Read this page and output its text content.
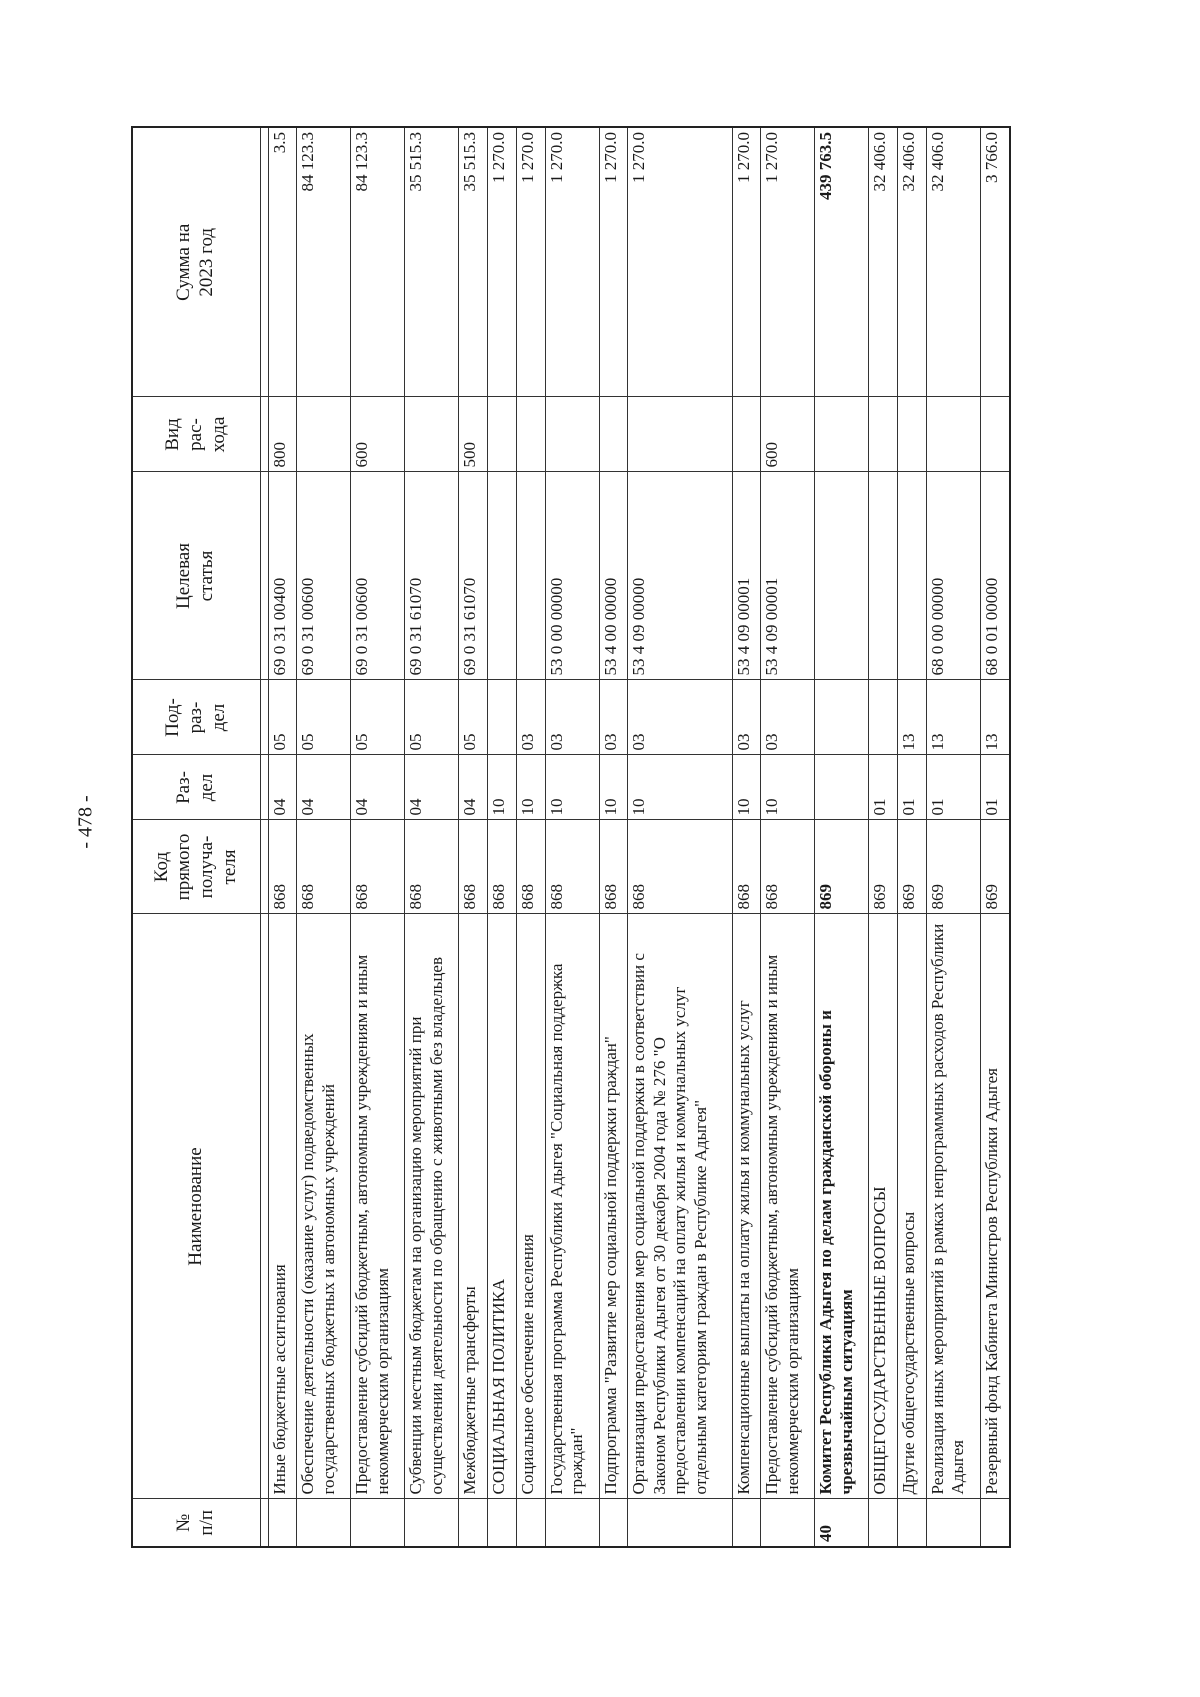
- 478 -
№ п/п	Наименование	Код прямого получа- теля	Раз- дел	Под- раз- дел	Целевая статья	Вид рас- хода	Сумма на 2023 год

	Иные бюджетные ассигнования	868	04	05	69 0 31 00400	800	3.5
	Обеспечение деятельности (оказание услуг) подведомственных государственных бюджетных и автономных учреждений	868	04	05	69 0 31 00600		84 123.3
	Предоставление субсидий бюджетным, автономным учреждениям и иным некоммерческим организациям	868	04	05	69 0 31 00600	600	84 123.3
	Субвенции местным бюджетам на организацию мероприятий при осуществлении деятельности по обращению с животными без владельцев	868	04	05	69 0 31 61070		35 515.3
	Межбюджетные трансферты	868	04	05	69 0 31 61070	500	35 515.3
	СОЦИАЛЬНАЯ ПОЛИТИКА	868	10				1 270.0
	Социальное обеспечение населения	868	10	03			1 270.0
	Государственная программа Республики Адыгея "Социальная поддержка граждан"	868	10	03	53 0 00 00000		1 270.0
	Подпрограмма "Развитие мер социальной поддержки граждан"	868	10	03	53 4 00 00000		1 270.0
	Организация предоставления мер социальной поддержки в соответствии с Законом Республики Адыгея от 30 декабря 2004 года № 276 "О предоставлении компенсаций на оплату жилья и коммунальных услуг отдельным категориям граждан в Республике Адыгея"	868	10	03	53 4 09 00000		1 270.0
	Компенсационные выплаты на оплату жилья и коммунальных услуг	868	10	03	53 4 09 00001		1 270.0
	Предоставление субсидий бюджетным, автономным учреждениям и иным некоммерческим организациям	868	10	03	53 4 09 00001	600	1 270.0
40	Комитет Республики Адыгея по делам гражданской обороны и чрезвычайным ситуациям	869					439 763.5
	ОБЩЕГОСУДАРСТВЕННЫЕ ВОПРОСЫ	869	01				32 406.0
	Другие общегосударственные вопросы	869	01	13			32 406.0
	Реализация иных мероприятий в рамках непрограммных расходов Республики Адыгея	869	01	13	68 0 00 00000		32 406.0
	Резервный фонд Кабинета Министров Республики Адыгея	869	01	13	68 0 01 00000		3 766.0
